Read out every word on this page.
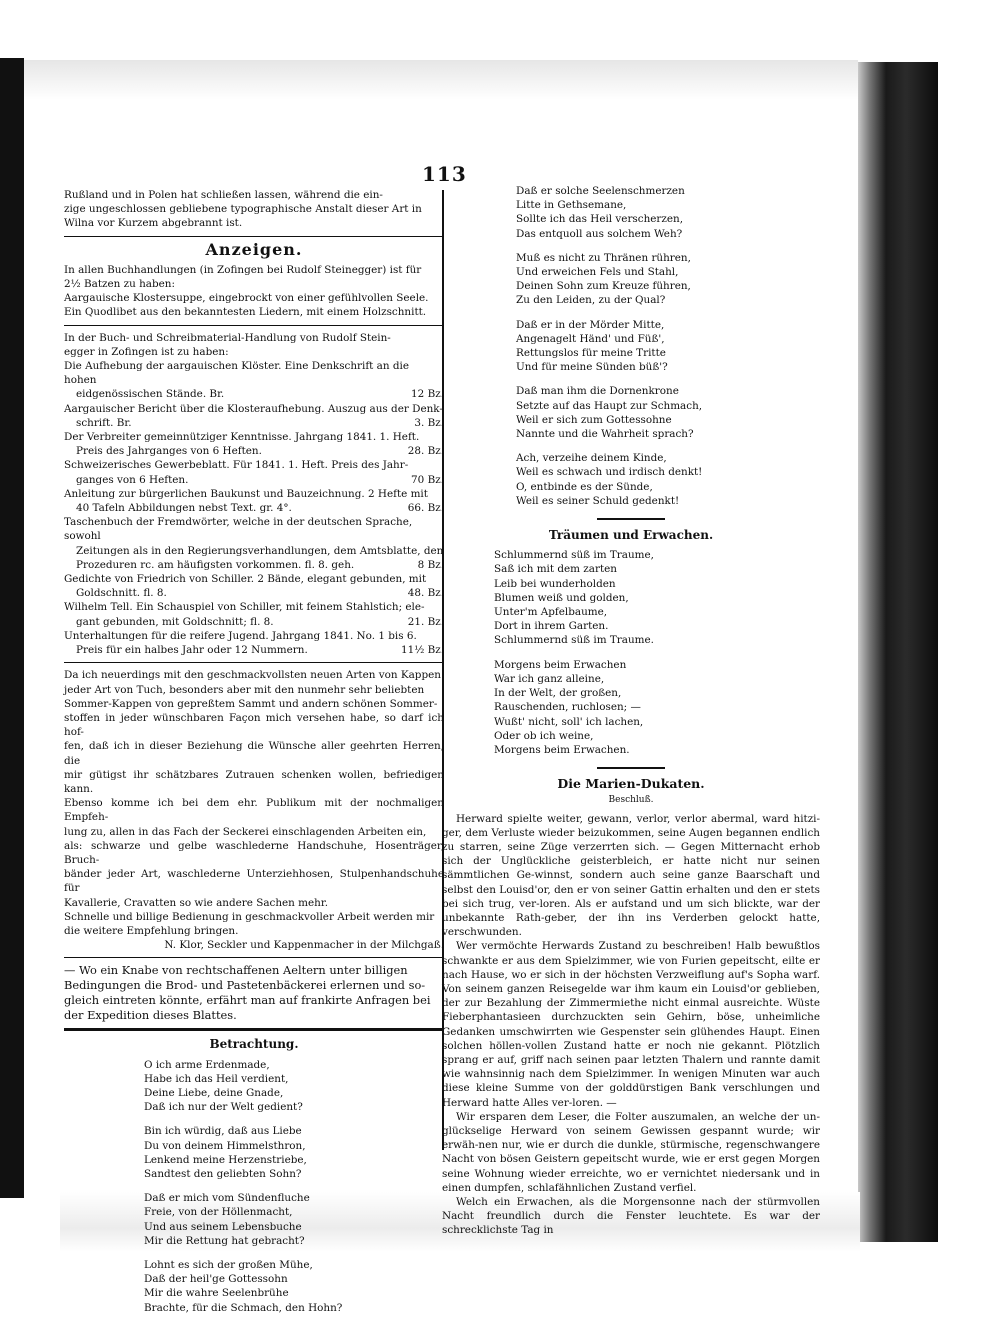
113

Rußland und in Polen hat schließen lassen, während die ein-

zige ungeschlossen gebliebene typographische Anstalt dieser Art in

Wilna vor Kurzem abgebrannt ist.

Anzeigen.

In allen Buchhandlungen (in Zofingen bei Rudolf Steinegger) ist für

2½ Batzen zu haben:

Aargauische Klostersuppe, eingebrockt von einer gefühlvollen Seele.

Ein Quodlibet aus den bekanntesten Liedern, mit einem Holzschnitt.

In der Buch- und Schreibmaterial-Handlung von Rudolf Stein-

egger in Zofingen ist zu haben:

Die Aufhebung der aargauischen Klöster. Eine Denkschrift an die hohen
eidgenössischen Stände. Br.	12 Bz.
Aargauischer Bericht über die Klosteraufhebung. Auszug aus der Denk-
schrift. Br.	3. Bz.
Der Verbreiter gemeinnütziger Kenntnisse. Jahrgang 1841. 1. Heft.
Preis des Jahrganges von 6 Heften.	28. Bz.
Schweizerisches Gewerbeblatt. Für 1841. 1. Heft. Preis des Jahr-
ganges von 6 Heften.	70 Bz.
Anleitung zur bürgerlichen Baukunst und Bauzeichnung. 2 Hefte mit
40 Tafeln Abbildungen nebst Text. gr. 4°.	66. Bz.
Taschenbuch der Fremdwörter, welche in der deutschen Sprache, sowohl
Zeitungen als in den Regierungsverhandlungen, dem Amtsblatte, den
Prozeduren rc. am häufigsten vorkommen. fl. 8. geh.	8 Bz.
Gedichte von Friedrich von Schiller. 2 Bände, elegant gebunden, mit
Goldschnitt. fl. 8.	48. Bz.
Wilhelm Tell. Ein Schauspiel von Schiller, mit feinem Stahlstich; ele-
gant gebunden, mit Goldschnitt; fl. 8.	21. Bz.
Unterhaltungen für die reifere Jugend. Jahrgang 1841. No. 1 bis 6.
Preis für ein halbes Jahr oder 12 Nummern.	11½ Bz.

Da ich neuerdings mit den geschmackvollsten neuen Arten von Kappen

jeder Art von Tuch, besonders aber mit den nunmehr sehr beliebten

Sommer-Kappen von gepreßtem Sammt und andern schönen Sommer-

stoffen in jeder wünschbaren Façon mich versehen habe, so darf ich hof-

fen, daß ich in dieser Beziehung die Wünsche aller geehrten Herren, die

mir gütigst ihr schätzbares Zutrauen schenken wollen, befriedigen kann.

Ebenso komme ich bei dem ehr. Publikum mit der nochmaligen Empfeh-

lung zu, allen in das Fach der Seckerei einschlagenden Arbeiten ein,

als: schwarze und gelbe waschlederne Handschuhe, Hosenträger, Bruch-

bänder jeder Art, waschlederne Unterziehhosen, Stulpenhandschuhe für

Kavallerie, Cravatten so wie andere Sachen mehr.

Schnelle und billige Bedienung in geschmackvoller Arbeit werden mir

die weitere Empfehlung bringen.

N. Klor, Seckler und Kappenmacher in der Milchgaß.

— Wo ein Knabe von rechtschaffenen Aeltern unter billigen

Bedingungen die Brod- und Pastetenbäckerei erlernen und so-

gleich eintreten könnte, erfährt man auf frankirte Anfragen bei

der Expedition dieses Blattes.

Betrachtung.

O ich arme Erdenmade,

Habe ich das Heil verdient,

Deine Liebe, deine Gnade,

Daß ich nur der Welt gedient?

Bin ich würdig, daß aus Liebe

Du von deinem Himmelsthron,

Lenkend meine Herzenstriebe,

Sandtest den geliebten Sohn?

Daß er mich vom Sündenfluche

Freie, von der Höllenmacht,

Und aus seinem Lebensbuche

Mir die Rettung hat gebracht?

Lohnt es sich der großen Mühe,

Daß der heil'ge Gottessohn

Mir die wahre Seelenbrühe

Brachte, für die Schmach, den Hohn?

Daß er solche Seelenschmerzen

Litte in Gethsemane,

Sollte ich das Heil verscherzen,

Das entquoll aus solchem Weh?

Muß es nicht zu Thränen rühren,

Und erweichen Fels und Stahl,

Deinen Sohn zum Kreuze führen,

Zu den Leiden, zu der Qual?

Daß er in der Mörder Mitte,

Angenagelt Händ' und Füß',

Rettungslos für meine Tritte

Und für meine Sünden büß'?

Daß man ihm die Dornenkrone

Setzte auf das Haupt zur Schmach,

Weil er sich zum Gottessohne

Nannte und die Wahrheit sprach?

Ach, verzeihe deinem Kinde,

Weil es schwach und irdisch denkt!

O, entbinde es der Sünde,

Weil es seiner Schuld gedenkt!

Träumen und Erwachen.

Schlummernd süß im Traume,

Saß ich mit dem zarten

Leib bei wunderholden

Blumen weiß und golden,

Unter'm Apfelbaume,

Dort in ihrem Garten.

Schlummernd süß im Traume.

Morgens beim Erwachen

War ich ganz alleine,

In der Welt, der großen,

Rauschenden, ruchlosen; —

Wußt' nicht, soll' ich lachen,

Oder ob ich weine,

Morgens beim Erwachen.

Die Marien-Dukaten.
Beschluß.

Herward spielte weiter, gewann, verlor, verlor abermal, ward hitzi-ger, dem Verluste wieder beizukommen, seine Augen begannen endlich zu starren, seine Züge verzerrten sich. — Gegen Mitternacht erhob sich der Unglückliche geisterbleich, er hatte nicht nur seinen sämmtlichen Ge-winnst, sondern auch seine ganze Baarschaft und selbst den Louisd'or, den er von seiner Gattin erhalten und den er stets bei sich trug, ver-loren. Als er aufstand und um sich blickte, war der unbekannte Rath-geber, der ihn ins Verderben gelockt hatte, verschwunden.

Wer vermöchte Herwards Zustand zu beschreiben! Halb bewußtlos schwankte er aus dem Spielzimmer, wie von Furien gepeitscht, eilte er nach Hause, wo er sich in der höchsten Verzweiflung auf's Sopha warf. Von seinem ganzen Reisegelde war ihm kaum ein Louisd'or geblieben, der zur Bezahlung der Zimmermiethe nicht einmal ausreichte. Wüste Fieberphantasieen durchzuckten sein Gehirn, böse, unheimliche Gedanken umschwirrten wie Gespenster sein glühendes Haupt. Einen solchen höllen-vollen Zustand hatte er noch nie gekannt. Plötzlich sprang er auf, griff nach seinen paar letzten Thalern und rannte damit wie wahnsinnig nach dem Spielzimmer. In wenigen Minuten war auch diese kleine Summe von der golddürstigen Bank verschlungen und Herward hatte Alles ver-loren. —

Wir ersparen dem Leser, die Folter auszumalen, an welche der un-glückselige Herward von seinem Gewissen gespannt wurde; wir erwäh-nen nur, wie er durch die dunkle, stürmische, regenschwangere Nacht von bösen Geistern gepeitscht wurde, wie er erst gegen Morgen seine Wohnung wieder erreichte, wo er vernichtet niedersank und in einen dumpfen, schlafähnlichen Zustand verfiel.

Welch ein Erwachen, als die Morgensonne nach der stürmvollen Nacht freundlich durch die Fenster leuchtete. Es war der schrecklichste Tag in
